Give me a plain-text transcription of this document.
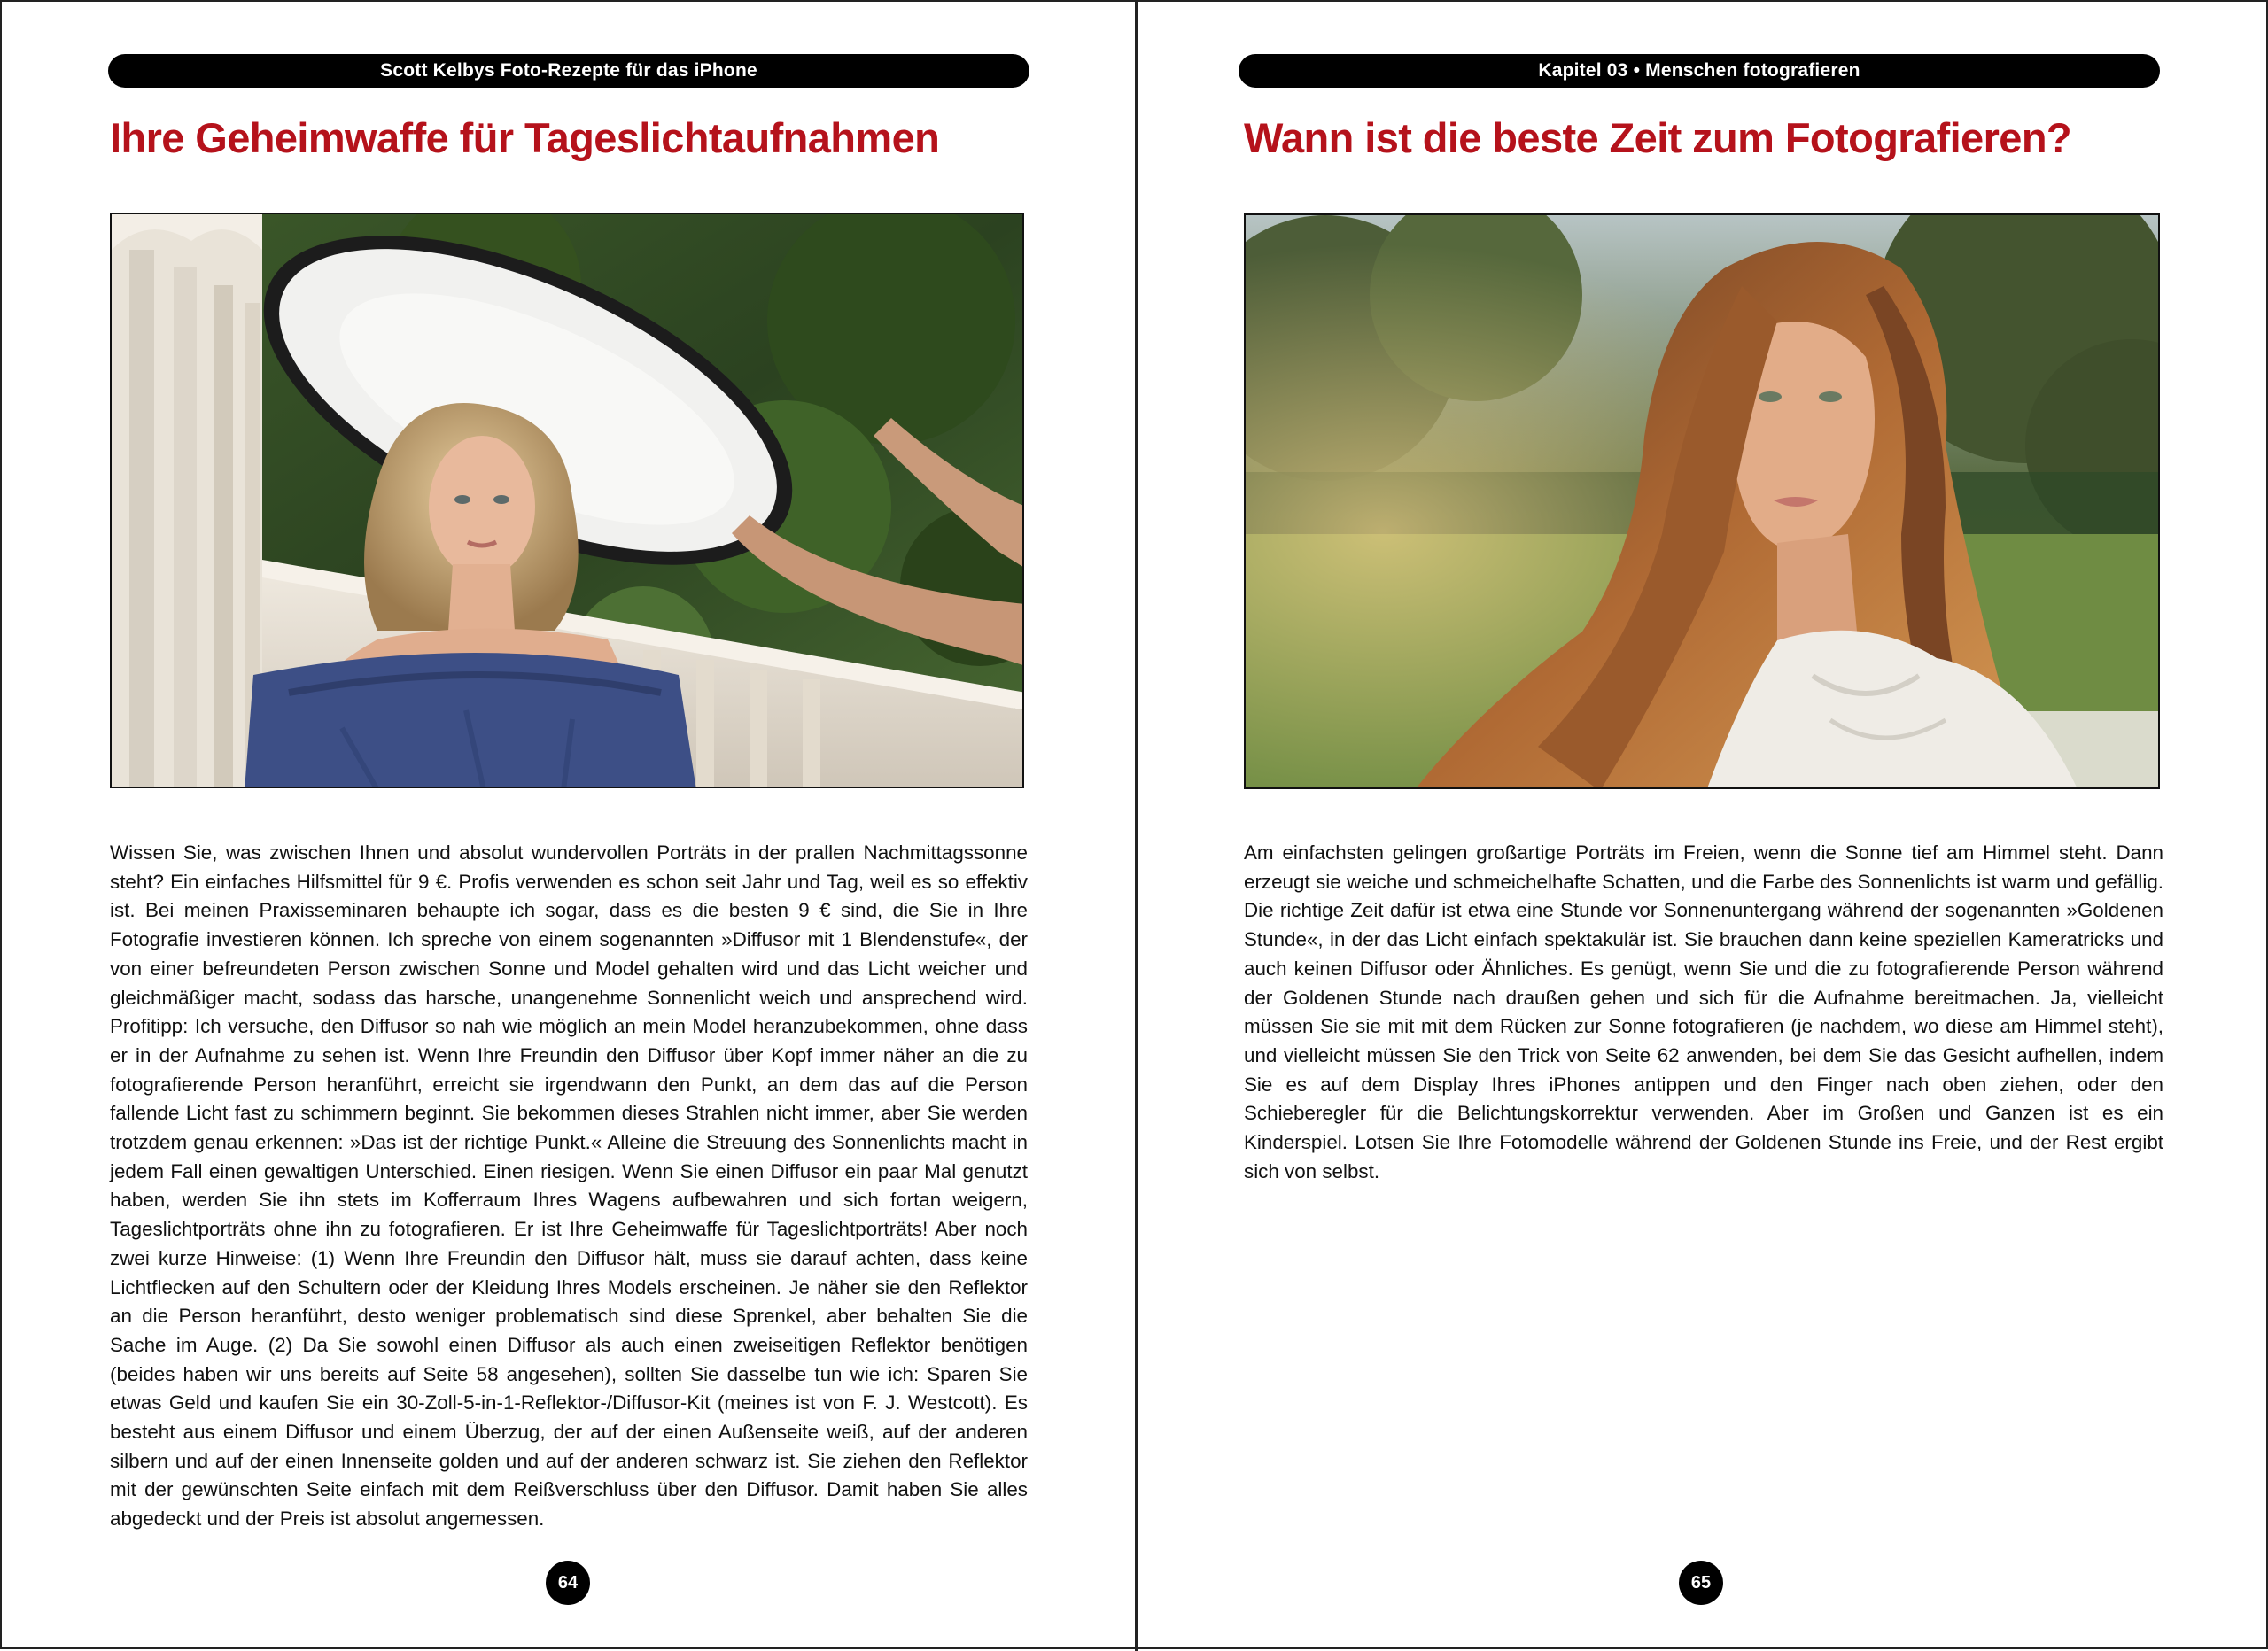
Scott Kelbys Foto-Rezepte für das iPhone
Ihre Geheimwaffe für Tageslichtaufnahmen

Wissen Sie, was zwischen Ihnen und absolut wundervollen Porträts in der prallen Nachmittagssonne steht? Ein einfaches Hilfsmittel für 9 €. Profis verwenden es schon seit Jahr und Tag, weil es so effektiv ist. Bei meinen Praxisseminaren behaupte ich sogar, dass es die besten 9 € sind, die Sie in Ihre Fotografie investieren können. Ich spreche von einem sogenannten »Diffusor mit 1 Blendenstufe«, der von einer befreundeten Person zwischen Sonne und Model gehalten wird und das Licht weicher und gleichmäßiger macht, sodass das harsche, unangenehme Sonnenlicht weich und ansprechend wird. Profitipp: Ich versuche, den Diffusor so nah wie möglich an mein Model heranzubekommen, ohne dass er in der Aufnahme zu sehen ist. Wenn Ihre Freundin den Diffusor über Kopf immer näher an die zu fotografierende Person heranführt, erreicht sie irgendwann den Punkt, an dem das auf die Person fallende Licht fast zu schimmern beginnt. Sie bekommen dieses Strahlen nicht immer, aber Sie werden trotzdem genau erkennen: »Das ist der richtige Punkt.« Alleine die Streuung des Sonnenlichts macht in jedem Fall einen gewaltigen Unterschied. Einen riesigen. Wenn Sie einen Diffusor ein paar Mal genutzt haben, werden Sie ihn stets im Kofferraum Ihres Wagens aufbewahren und sich fortan weigern, Tageslichtporträts ohne ihn zu fotografieren. Er ist Ihre Geheimwaffe für Tageslichtporträts! Aber noch zwei kurze Hinweise: (1) Wenn Ihre Freundin den Diffusor hält, muss sie darauf achten, dass keine Lichtflecken auf den Schultern oder der Kleidung Ihres Models erscheinen. Je näher sie den Reflektor an die Person heranführt, desto weniger problematisch sind diese Sprenkel, aber behalten Sie die Sache im Auge. (2) Da Sie sowohl einen Diffusor als auch einen zweiseitigen Reflektor benötigen (beides haben wir uns bereits auf Seite 58 angesehen), sollten Sie dasselbe tun wie ich: Sparen Sie etwas Geld und kaufen Sie ein 30-Zoll-5-in-1-Reflektor-/Diffusor-Kit (meines ist von F. J. Westcott). Es besteht aus einem Diffusor und einem Überzug, der auf der einen Außenseite weiß, auf der anderen silbern und auf der einen Innenseite golden und auf der anderen schwarz ist. Sie ziehen den Reflektor mit der gewünschten Seite einfach mit dem Reißverschluss über den Diffusor. Damit haben Sie alles abgedeckt und der Preis ist absolut angemessen.

64
Kapitel 03 • Menschen fotografieren
Wann ist die beste Zeit zum Fotografieren?

Am einfachsten gelingen großartige Porträts im Freien, wenn die Sonne tief am Himmel steht. Dann erzeugt sie weiche und schmeichelhafte Schatten, und die Farbe des Sonnenlichts ist warm und gefällig. Die richtige Zeit dafür ist etwa eine Stunde vor Sonnenuntergang während der sogenannten »Goldenen Stunde«, in der das Licht einfach spektakulär ist. Sie brauchen dann keine speziellen Kameratricks und auch keinen Diffusor oder Ähnliches. Es genügt, wenn Sie und die zu fotografierende Person während der Goldenen Stunde nach draußen gehen und sich für die Aufnahme bereitmachen. Ja, vielleicht müssen Sie sie mit mit dem Rücken zur Sonne fotografieren (je nachdem, wo diese am Himmel steht), und vielleicht müssen Sie den Trick von Seite 62 anwenden, bei dem Sie das Gesicht aufhellen, indem Sie es auf dem Display Ihres iPhones antippen und den Finger nach oben ziehen, oder den Schieberegler für die Belichtungskorrektur verwenden. Aber im Großen und Ganzen ist es ein Kinderspiel. Lotsen Sie Ihre Fotomodelle während der Goldenen Stunde ins Freie, und der Rest ergibt sich von selbst.

65
